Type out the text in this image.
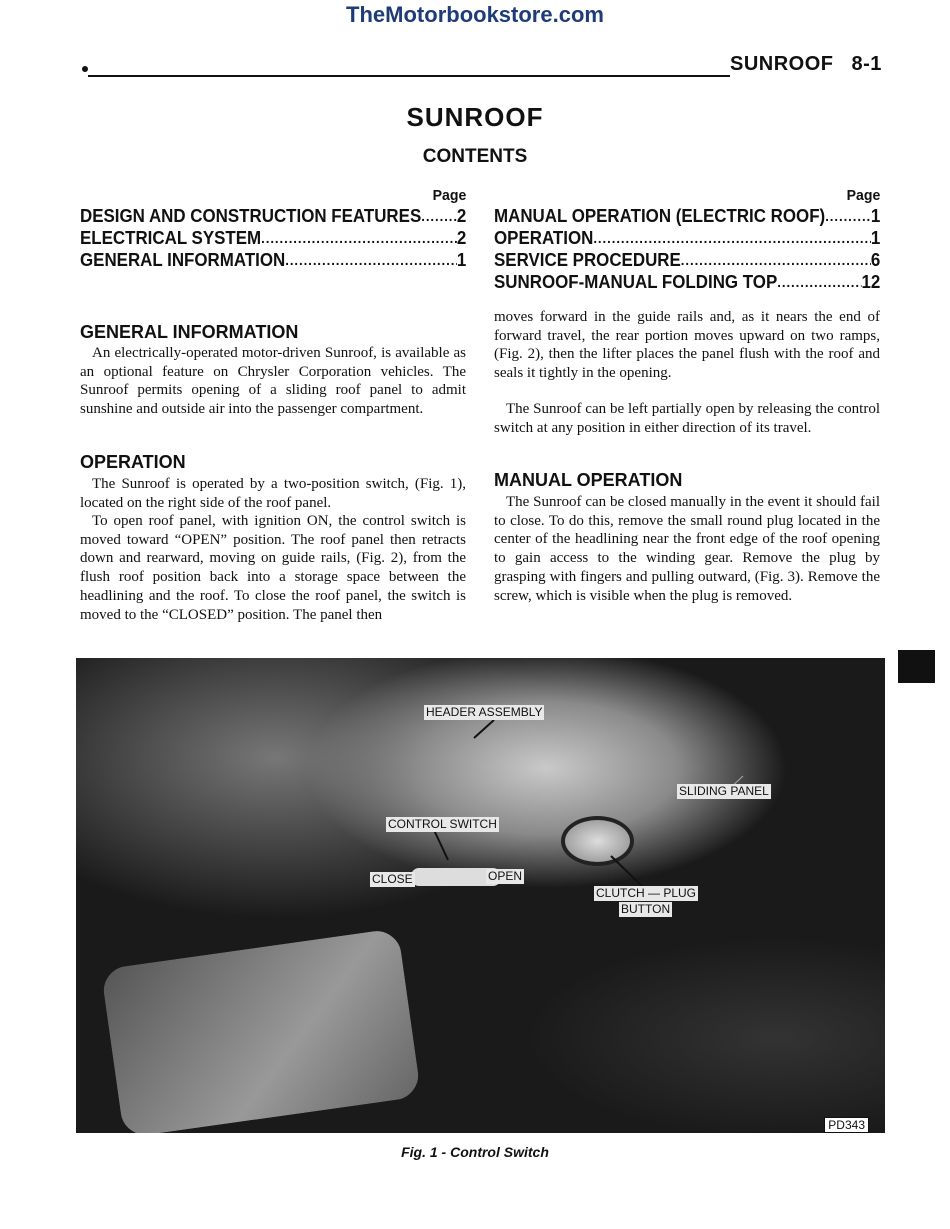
TheMotorbookstore.com
SUNROOF 8-1
SUNROOF
CONTENTS
Page
DESIGN AND CONSTRUCTION FEATURES ..... 2
ELECTRICAL SYSTEM .....	2
GENERAL INFORMATION .....	1
Page
MANUAL OPERATION (ELECTRIC ROOF) .....	1
OPERATION .....	1
SERVICE PROCEDURE .....	6
SUNROOF-MANUAL FOLDING TOP .....	12
GENERAL INFORMATION

An electrically-operated motor-driven Sunroof, is available as an optional feature on Chrysler Corporation vehicles. The Sunroof permits opening of a sliding roof panel to admit sunshine and outside air into the passenger compartment.

OPERATION

The Sunroof is operated by a two-position switch, (Fig. 1), located on the right side of the roof panel.

To open roof panel, with ignition ON, the control switch is moved toward “OPEN” position. The roof panel then retracts down and rearward, moving on guide rails, (Fig. 2), from the flush roof position back into a storage space between the headlining and the roof. To close the roof panel, the switch is moved to the “CLOSED” position. The panel then

moves forward in the guide rails and, as it nears the end of forward travel, the rear portion moves upward on two ramps, (Fig. 2), then the lifter places the panel flush with the roof and seals it tightly in the opening.

The Sunroof can be left partially open by releasing the control switch at any position in either direction of its travel.

MANUAL OPERATION

The Sunroof can be closed manually in the event it should fail to close. To do this, remove the small round plug located in the center of the headlining near the front edge of the roof opening to gain access to the winding gear. Remove the plug by grasping with fingers and pulling outward, (Fig. 3). Remove the screw, which is visible when the plug is removed.

HEADER ASSEMBLY
SLIDING PANEL
CONTROL SWITCH
CLOSE	OPEN
CLUTCH — PLUG
BUTTON
PD343
Fig. 1 - Control Switch
